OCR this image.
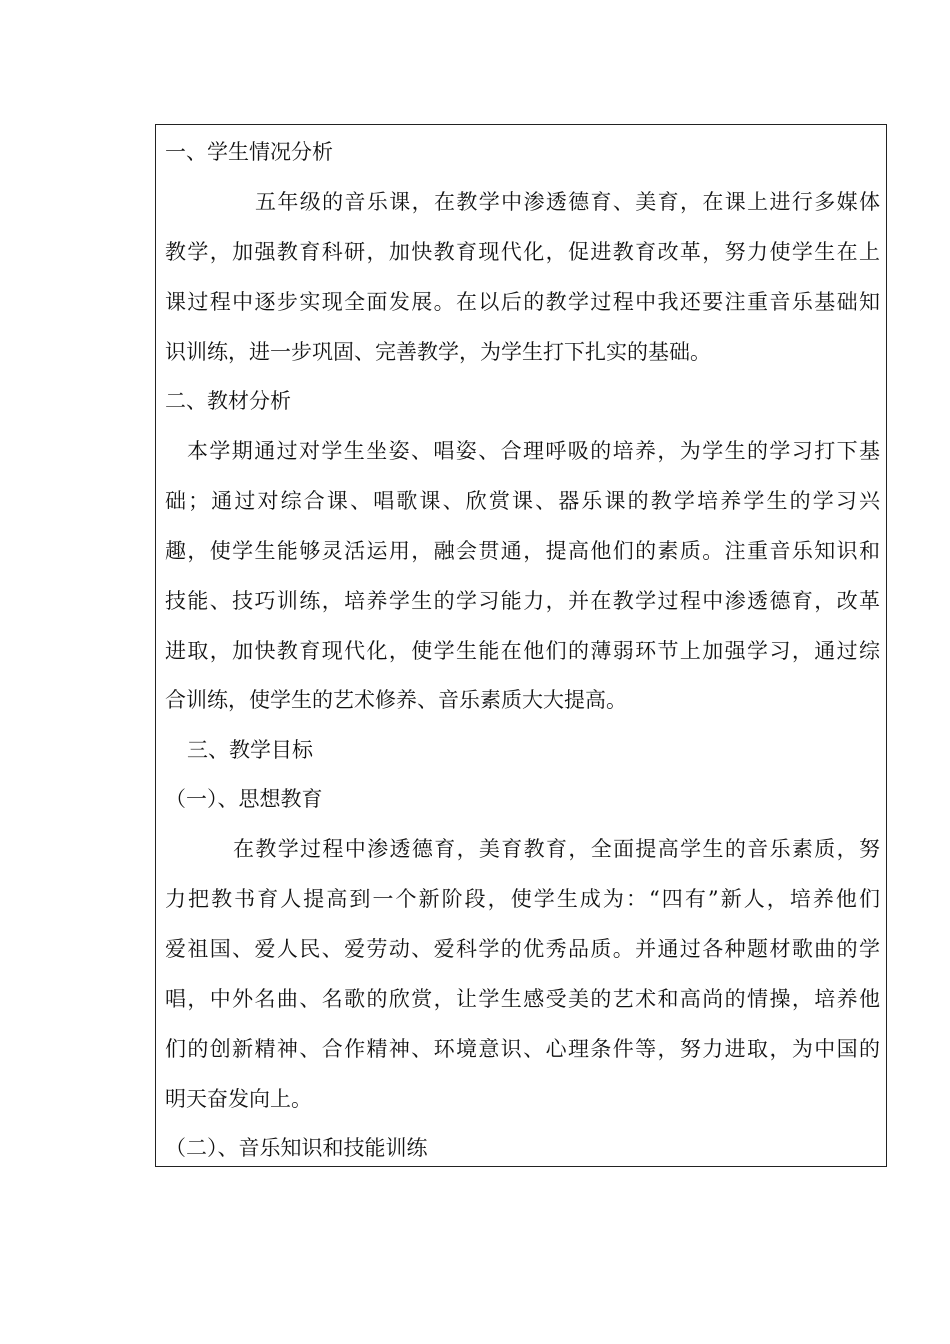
一、学生情况分析
五年级的音乐课，在教学中渗透德育、美育，在课上进行多媒体
教学，加强教育科研，加快教育现代化，促进教育改革，努力使学生在上
课过程中逐步实现全面发展。在以后的教学过程中我还要注重音乐基础知
识训练，进一步巩固、完善教学，为学生打下扎实的基础。
二、教材分析
本学期通过对学生坐姿、唱姿、合理呼吸的培养，为学生的学习打下基
础；通过对综合课、唱歌课、欣赏课、器乐课的教学培养学生的学习兴
趣，使学生能够灵活运用，融会贯通，提高他们的素质。注重音乐知识和
技能、技巧训练，培养学生的学习能力，并在教学过程中渗透德育，改革
进取，加快教育现代化，使学生能在他们的薄弱环节上加强学习，通过综
合训练，使学生的艺术修养、音乐素质大大提高。
三、教学目标
（一）、思想教育
在教学过程中渗透德育，美育教育，全面提高学生的音乐素质，努
力把教书育人提高到一个新阶段，使学生成为：“四有”新人，培养他们
爱祖国、爱人民、爱劳动、爱科学的优秀品质。并通过各种题材歌曲的学
唱，中外名曲、名歌的欣赏，让学生感受美的艺术和高尚的情操，培养他
们的创新精神、合作精神、环境意识、心理条件等，努力进取，为中国的
明天奋发向上。
（二）、音乐知识和技能训练
